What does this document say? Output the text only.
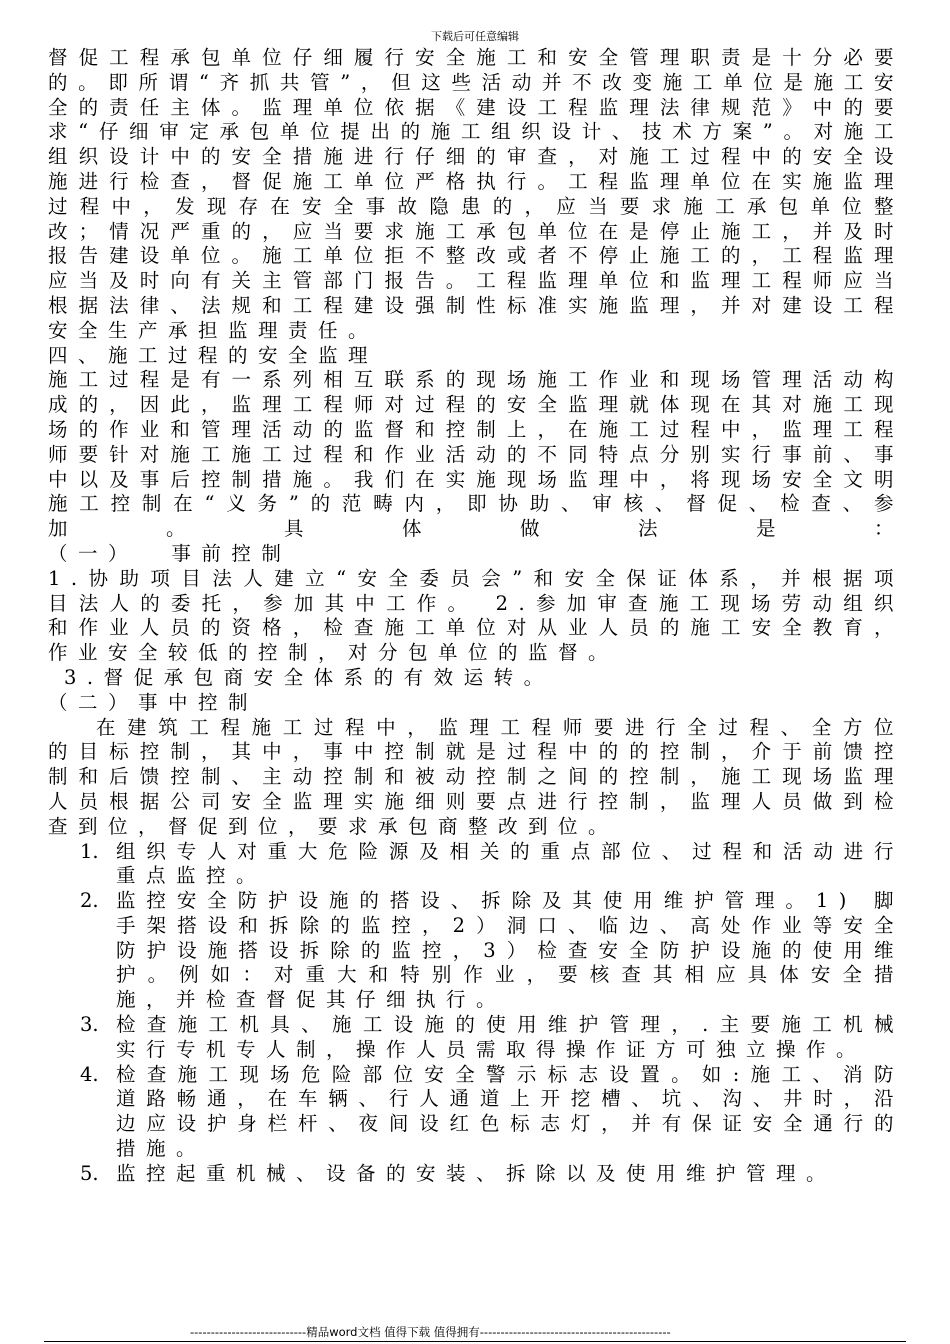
下载后可任意编辑

督促工程承包单位仔细履行安全施工和安全管理职责是十分必要的。即所谓“齐抓共管”，但这些活动并不改变施工单位是施工安全的责任主体。监理单位依据《建设工程监理法律规范》中的要求“仔细审定承包单位提出的施工组织设计、技术方案”。对施工组织设计中的安全措施进行仔细的审查，对施工过程中的安全设施进行检查，督促施工单位严格执行。工程监理单位在实施监理过程中，发现存在安全事故隐患的，应当要求施工承包单位整改；情况严重的，应当要求施工承包单位在是停止施工，并及时报告建设单位。施工单位拒不整改或者不停止施工的，工程监理应当及时向有关主管部门报告。工程监理单位和监理工程师应当根据法律、法规和工程建设强制性标准实施监理，并对建设工程安全生产承担监理责任。

四、施工过程的安全监理

施工过程是有一系列相互联系的现场施工作业和现场管理活动构成的，因此，监理工程师对过程的安全监理就体现在其对施工现场的作业和管理活动的监督和控制上，在施工过程中，监理工程师要针对施工施工过程和作业活动的不同特点分别实行事前、事中以及事后控制措施。我们在实施现场监理中，将现场安全文明施工控制在“义务”的范畴内，即协助、审核、督促、检查、参加。具体做法是：

（一）  事前控制

1.协助项目法人建立“安全委员会”和安全保证体系，并根据项目法人的委托，参加其中工作。 2.参加审查施工现场劳动组织和作业人员的资格，检查施工单位对从业人员的施工安全教育，作业安全较低的控制，对分包单位的监督。

3.督促承包商安全体系的有效运转。

（二）事中控制

在建筑工程施工过程中，监理工程师要进行全过程、全方位的目标控制，其中，事中控制就是过程中的的控制，介于前馈控制和后馈控制、主动控制和被动控制之间的控制，施工现场监理人员根据公司安全监理实施细则要点进行控制，监理人员做到检查到位，督促到位，要求承包商整改到位。

1. 组织专人对重大危险源及相关的重点部位、过程和活动进行重点监控。
2. 监控安全防护设施的搭设、拆除及其使用维护管理。1) 脚手架搭设和拆除的监控，2）洞口、临边、高处作业等安全防护设施搭设拆除的监控，3）检查安全防护设施的使用维护。例如：对重大和特别作业，要核查其相应具体安全措施，并检查督促其仔细执行。
3. 检查施工机具、施工设施的使用维护管理，.主要施工机械实行专机专人制，操作人员需取得操作证方可独立操作。
4. 检查施工现场危险部位安全警示标志设置。如:施工、消防道路畅通，在车辆、行人通道上开挖槽、坑、沟、井时，沿边应设护身栏杆、夜间设红色标志灯，并有保证安全通行的措施。
5. 监控起重机械、设备的安装、拆除以及使用维护管理。
----------------------------精品word文档 值得下载 值得拥有----------------------------------------------
